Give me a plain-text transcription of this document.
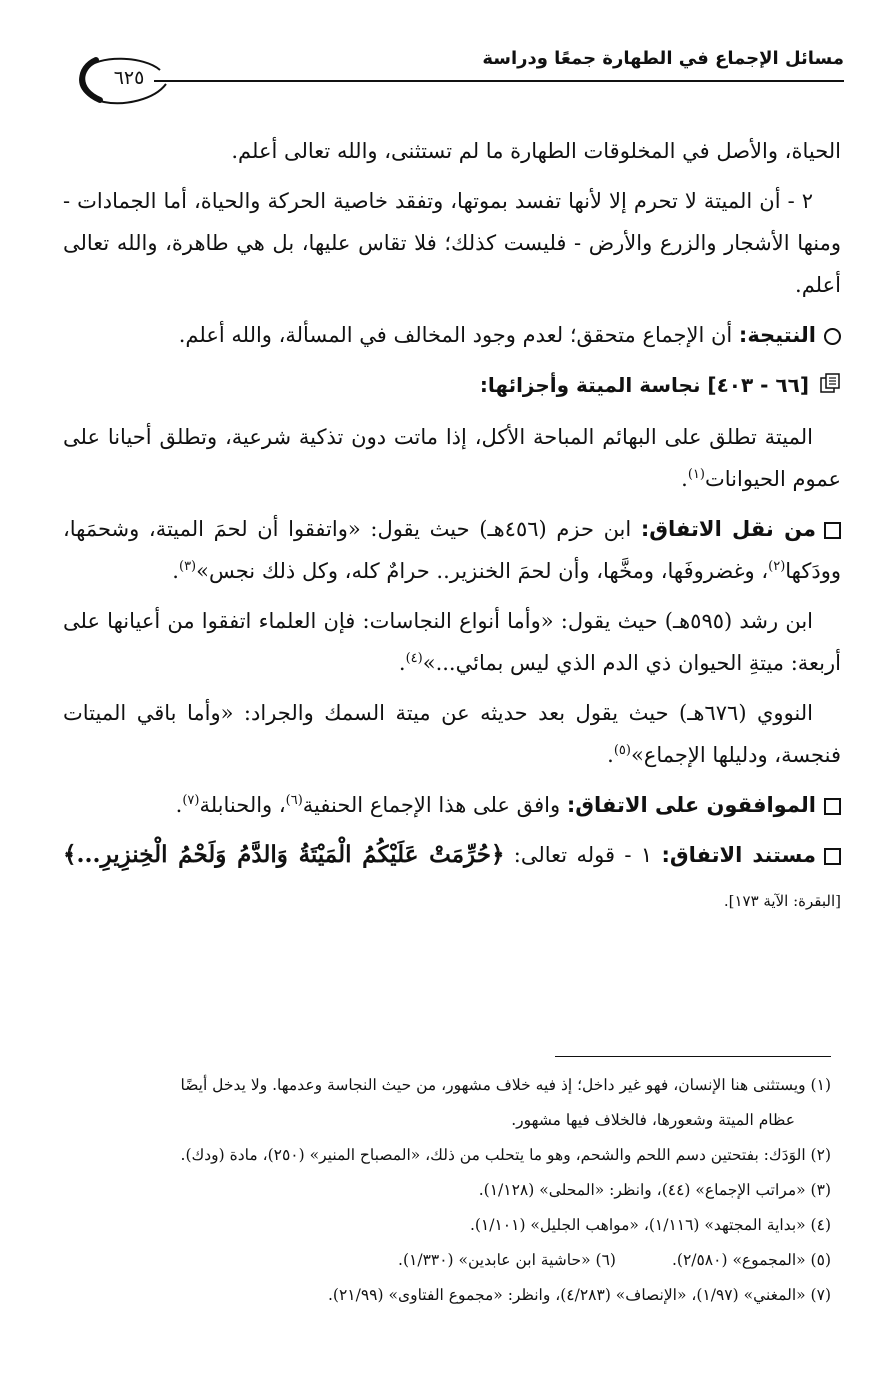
مسائل الإجماع في الطهارة جمعًا ودراسة
٦٢٥

الحياة، والأصل في المخلوقات الطهارة ما لم تستثنى، والله تعالى أعلم.

٢ - أن الميتة لا تحرم إلا لأنها تفسد بموتها، وتفقد خاصية الحركة والحياة، أما الجمادات - ومنها الأشجار والزرع والأرض - فليست كذلك؛ فلا تقاس عليها، بل هي طاهرة، والله تعالى أعلم.

النتيجة: أن الإجماع متحقق؛ لعدم وجود المخالف في المسألة، والله أعلم.

[٦٦ - ٤٠٣] نجاسة الميتة وأجزائها:

الميتة تطلق على البهائم المباحة الأكل، إذا ماتت دون تذكية شرعية، وتطلق أحيانا على عموم الحيوانات$^{(١)}$.

من نقل الاتفاق: ابن حزم (٤٥٦هـ) حيث يقول: «واتفقوا أن لحمَ الميتة، وشحمَها، وودَكها$^{(٢)}$، وغضروفَها، ومخَّها، وأن لحمَ الخنزير.. حرامٌ كله، وكل ذلك نجس»$^{(٣)}$.

ابن رشد (٥٩٥هـ) حيث يقول: «وأما أنواع النجاسات: فإن العلماء اتفقوا من أعيانها على أربعة: ميتةِ الحيوان ذي الدم الذي ليس بمائي...»$^{(٤)}$.

النووي (٦٧٦هـ) حيث يقول بعد حديثه عن ميتة السمك والجراد: «وأما باقي الميتات فنجسة، ودليلها الإجماع»$^{(٥)}$.

الموافقون على الاتفاق: وافق على هذا الإجماع الحنفية$^{(٦)}$، والحنابلة$^{(٧)}$.

مستند الاتفاق: ١ - قوله تعالى: ﴿حُرِّمَتْ عَلَيْكُمُ الْمَيْتَةُ وَالدَّمُ وَلَحْمُ الْخِنزِيرِ...﴾ [البقرة: الآية ١٧٣].

(١) ويستثنى هنا الإنسان، فهو غير داخل؛ إذ فيه خلاف مشهور، من حيث النجاسة وعدمها. ولا يدخل أيضًا

عظام الميتة وشعورها، فالخلاف فيها مشهور.

(٢) الوَدَك: بفتحتين دسم اللحم والشحم، وهو ما يتحلب من ذلك، «المصباح المنير» (٢٥٠)، مادة (ودك).

(٣) «مراتب الإجماع» (٤٤)، وانظر: «المحلى» (١/١٢٨).

(٤) «بداية المجتهد» (١/١١٦)، «مواهب الجليل» (١/١٠١).

(٥) «المجموع» (٢/٥٨٠).
(٦) «حاشية ابن عابدين» (١/٣٣٠).

(٧) «المغني» (١/٩٧)، «الإنصاف» (٤/٢٨٣)، وانظر: «مجموع الفتاوى» (٢١/٩٩).
